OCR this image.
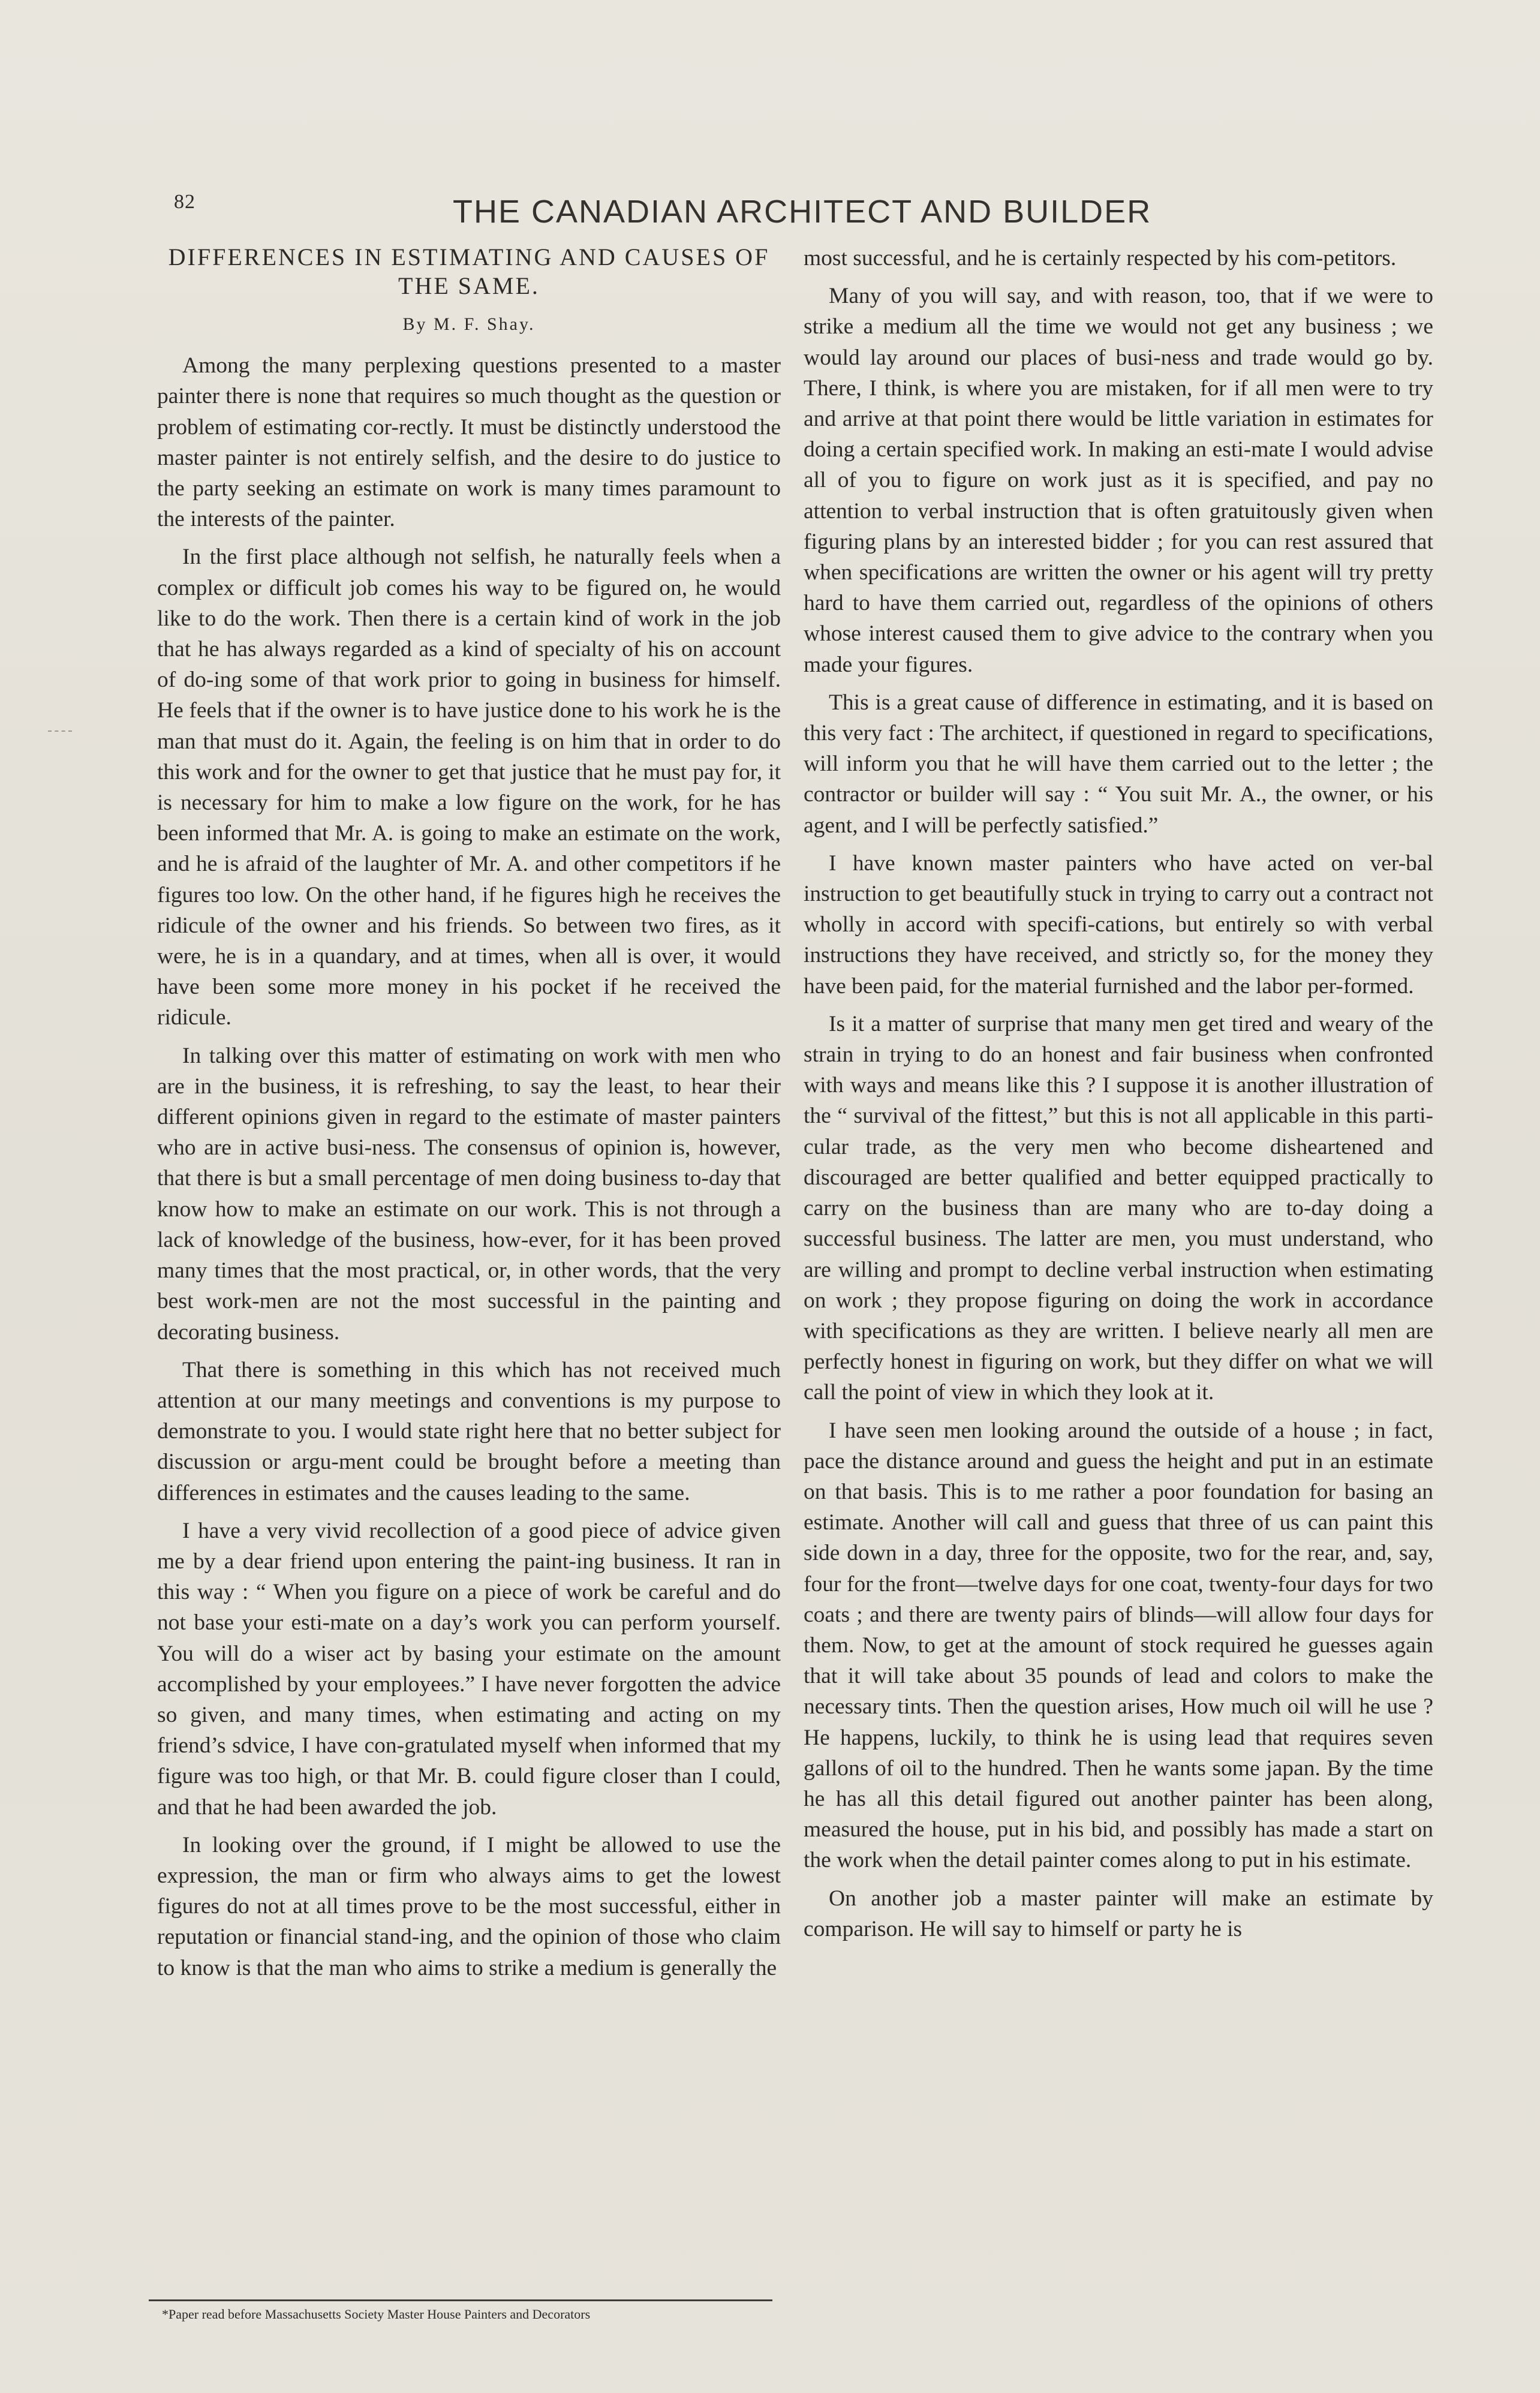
82	THE CANADIAN ARCHITECT AND BUILDER
DIFFERENCES IN ESTIMATING AND CAUSES OF THE SAME.
By M. F. Shay.

Among the many perplexing questions presented to a master painter there is none that requires so much thought as the question or problem of estimating cor-rectly. It must be distinctly understood the master painter is not entirely selfish, and the desire to do justice to the party seeking an estimate on work is many times paramount to the interests of the painter.

In the first place although not selfish, he naturally feels when a complex or difficult job comes his way to be figured on, he would like to do the work. Then there is a certain kind of work in the job that he has always regarded as a kind of specialty of his on account of do-ing some of that work prior to going in business for himself. He feels that if the owner is to have justice done to his work he is the man that must do it. Again, the feeling is on him that in order to do this work and for the owner to get that justice that he must pay for, it is necessary for him to make a low figure on the work, for he has been informed that Mr. A. is going to make an estimate on the work, and he is afraid of the laughter of Mr. A. and other competitors if he figures too low. On the other hand, if he figures high he receives the ridicule of the owner and his friends. So between two fires, as it were, he is in a quandary, and at times, when all is over, it would have been some more money in his pocket if he received the ridicule.

In talking over this matter of estimating on work with men who are in the business, it is refreshing, to say the least, to hear their different opinions given in regard to the estimate of master painters who are in active busi-ness. The consensus of opinion is, however, that there is but a small percentage of men doing business to-day that know how to make an estimate on our work. This is not through a lack of knowledge of the business, how-ever, for it has been proved many times that the most practical, or, in other words, that the very best work-men are not the most successful in the painting and decorating business.

That there is something in this which has not received much attention at our many meetings and conventions is my purpose to demonstrate to you. I would state right here that no better subject for discussion or argu-ment could be brought before a meeting than differences in estimates and the causes leading to the same.

I have a very vivid recollection of a good piece of advice given me by a dear friend upon entering the paint-ing business. It ran in this way : “ When you figure on a piece of work be careful and do not base your esti-mate on a day’s work you can perform yourself. You will do a wiser act by basing your estimate on the amount accomplished by your employees.” I have never forgotten the advice so given, and many times, when estimating and acting on my friend’s sdvice, I have con-gratulated myself when informed that my figure was too high, or that Mr. B. could figure closer than I could, and that he had been awarded the job.

In looking over the ground, if I might be allowed to use the expression, the man or firm who always aims to get the lowest figures do not at all times prove to be the most successful, either in reputation or financial stand-ing, and the opinion of those who claim to know is that the man who aims to strike a medium is generally the

most successful, and he is certainly respected by his com-petitors.

Many of you will say, and with reason, too, that if we were to strike a medium all the time we would not get any business ; we would lay around our places of busi-ness and trade would go by. There, I think, is where you are mistaken, for if all men were to try and arrive at that point there would be little variation in estimates for doing a certain specified work. In making an esti-mate I would advise all of you to figure on work just as it is specified, and pay no attention to verbal instruction that is often gratuitously given when figuring plans by an interested bidder ; for you can rest assured that when specifications are written the owner or his agent will try pretty hard to have them carried out, regardless of the opinions of others whose interest caused them to give advice to the contrary when you made your figures.

This is a great cause of difference in estimating, and it is based on this very fact : The architect, if questioned in regard to specifications, will inform you that he will have them carried out to the letter ; the contractor or builder will say : “ You suit Mr. A., the owner, or his agent, and I will be perfectly satisfied.”

I have known master painters who have acted on ver-bal instruction to get beautifully stuck in trying to carry out a contract not wholly in accord with specifi-cations, but entirely so with verbal instructions they have received, and strictly so, for the money they have been paid, for the material furnished and the labor per-formed.

Is it a matter of surprise that many men get tired and weary of the strain in trying to do an honest and fair business when confronted with ways and means like this ? I suppose it is another illustration of the “ survival of the fittest,” but this is not all applicable in this parti-cular trade, as the very men who become disheartened and discouraged are better qualified and better equipped practically to carry on the business than are many who are to-day doing a successful business. The latter are men, you must understand, who are willing and prompt to decline verbal instruction when estimating on work ; they propose figuring on doing the work in accordance with specifications as they are written. I believe nearly all men are perfectly honest in figuring on work, but they differ on what we will call the point of view in which they look at it.

I have seen men looking around the outside of a house ; in fact, pace the distance around and guess the height and put in an estimate on that basis. This is to me rather a poor foundation for basing an estimate. Another will call and guess that three of us can paint this side down in a day, three for the opposite, two for the rear, and, say, four for the front—twelve days for one coat, twenty-four days for two coats ; and there are twenty pairs of blinds—will allow four days for them. Now, to get at the amount of stock required he guesses again that it will take about 35 pounds of lead and colors to make the necessary tints. Then the question arises, How much oil will he use ? He happens, luckily, to think he is using lead that requires seven gallons of oil to the hundred. Then he wants some japan. By the time he has all this detail figured out another painter has been along, measured the house, put in his bid, and possibly has made a start on the work when the detail painter comes along to put in his estimate.

On another job a master painter will make an estimate by comparison. He will say to himself or party he is

*Paper read before Massachusetts Society Master House Painters and Decorators
